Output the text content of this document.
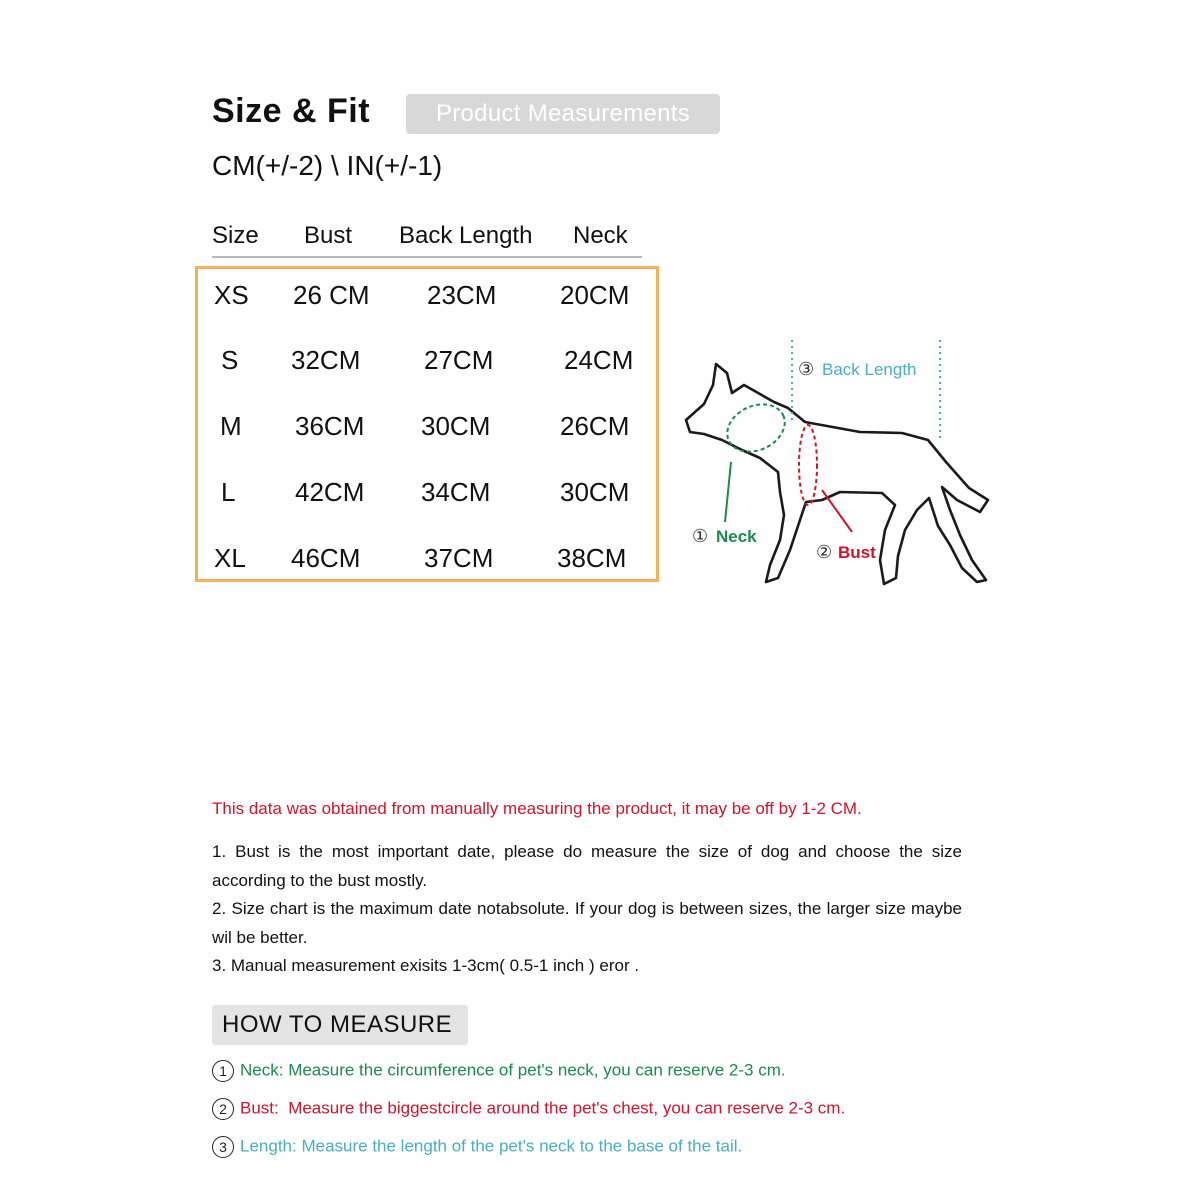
Size & Fit	Product Measurements
CM(+/-2) \ IN(+/-1)
Size Bust Back Length Neck
XS 26 CM 23CM 20CM
S 32CM 27CM	24CM
M 36CM 30CM	26CM
L 42CM 34CM	30CM
XL 46CM 37CM 38CM
③ Back Length
① Neck
② Bust
This data was obtained from manually measuring the product, it may be off by 1-2 CM.

1. Bust is the most important date, please do measure the size of dog and choose the size according to the bust mostly.

2. Size chart is the maximum date notabsolute. If your dog is between sizes, the larger size maybe wil be better.

3. Manual measurement exisits 1-3cm( 0.5-1 inch ) eror .

HOW TO MEASURE
1 Neck: Measure the circumference of pet's neck, you can reserve 2-3 cm.
2 Bust:  Measure the biggestcircle around the pet's chest, you can reserve 2-3 cm.
3 Length: Measure the length of the pet's neck to the base of the tail.
